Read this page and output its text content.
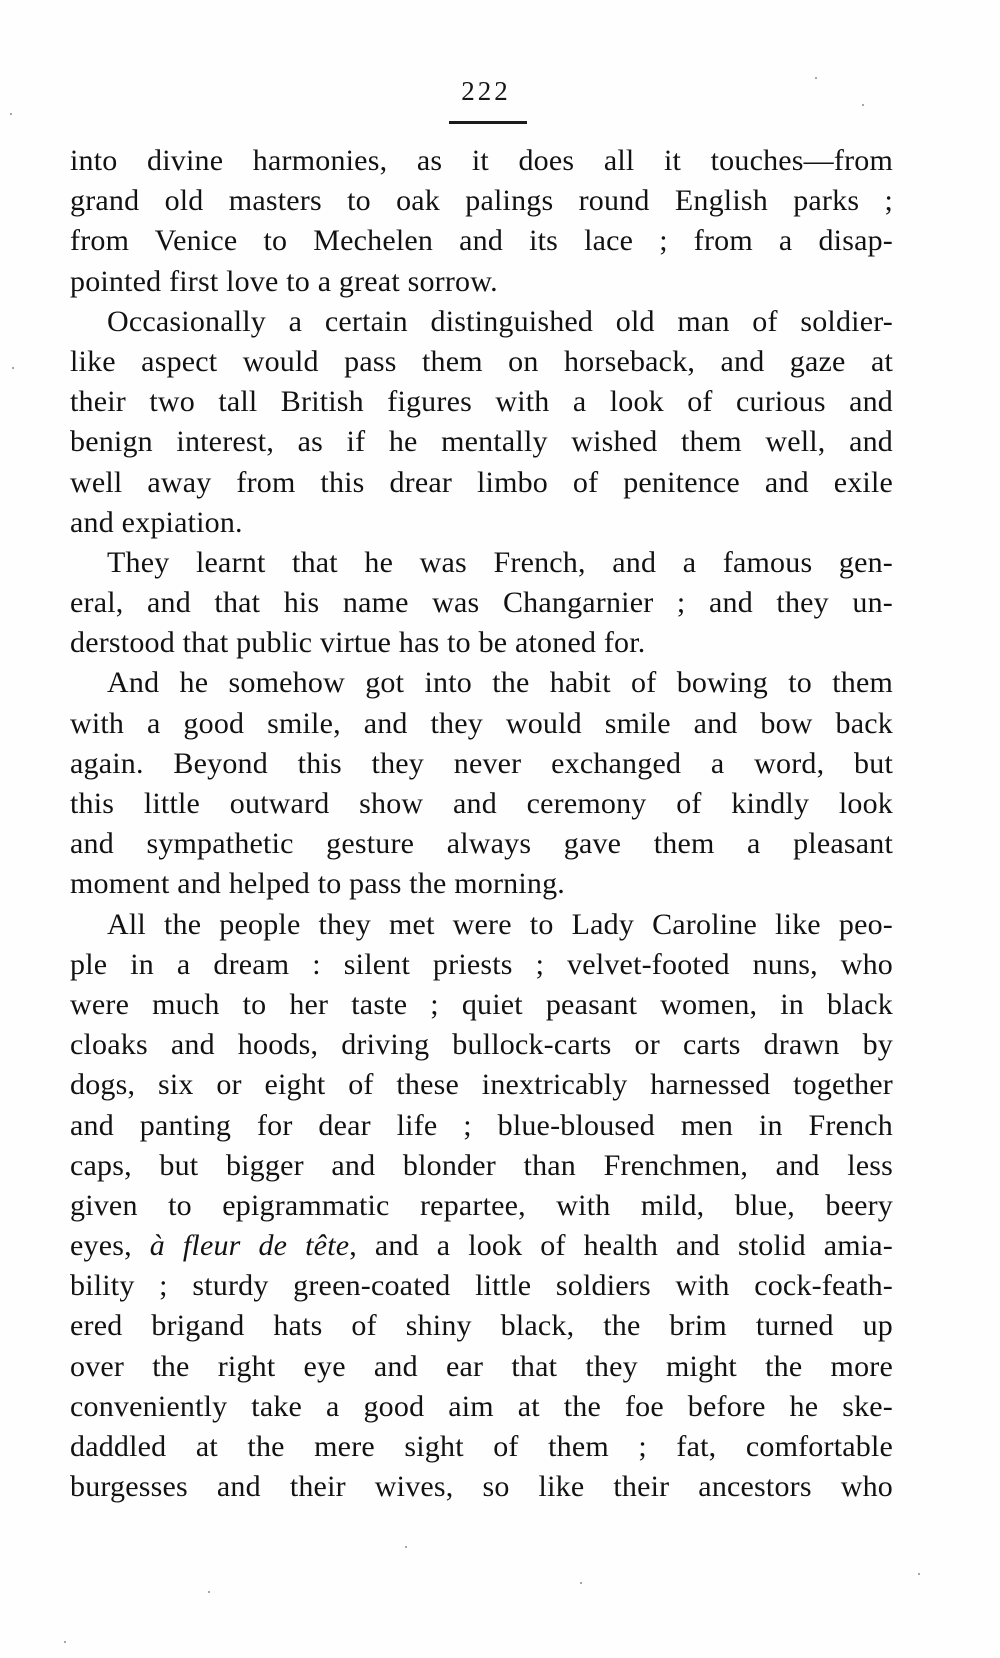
222
into divine harmonies, as it does all it touches—from
grand old masters to oak palings round English parks ;
from Venice to Mechelen and its lace ; from a disap-
pointed first love to a great sorrow.
Occasionally a certain distinguished old man of soldier-
like aspect would pass them on horseback, and gaze at
their two tall British figures with a look of curious and
benign interest, as if he mentally wished them well, and
well away from this drear limbo of penitence and exile
and expiation.
They learnt that he was French, and a famous gen-
eral, and that his name was Changarnier ; and they un-
derstood that public virtue has to be atoned for.
And he somehow got into the habit of bowing to them
with a good smile, and they would smile and bow back
again. Beyond this they never exchanged a word, but
this little outward show and ceremony of kindly look
and sympathetic gesture always gave them a pleasant
moment and helped to pass the morning.
All the people they met were to Lady Caroline like peo-
ple in a dream : silent priests ; velvet-footed nuns, who
were much to her taste ; quiet peasant women, in black
cloaks and hoods, driving bullock-carts or carts drawn by
dogs, six or eight of these inextricably harnessed together
and panting for dear life ; blue-bloused men in French
caps, but bigger and blonder than Frenchmen, and less
given to epigrammatic repartee, with mild, blue, beery
eyes, à fleur de tête, and a look of health and stolid amia-
bility ; sturdy green-coated little soldiers with cock-feath-
ered brigand hats of shiny black, the brim turned up
over the right eye and ear that they might the more
conveniently take a good aim at the foe before he ske-
daddled at the mere sight of them ; fat, comfortable
burgesses and their wives, so like their ancestors who
